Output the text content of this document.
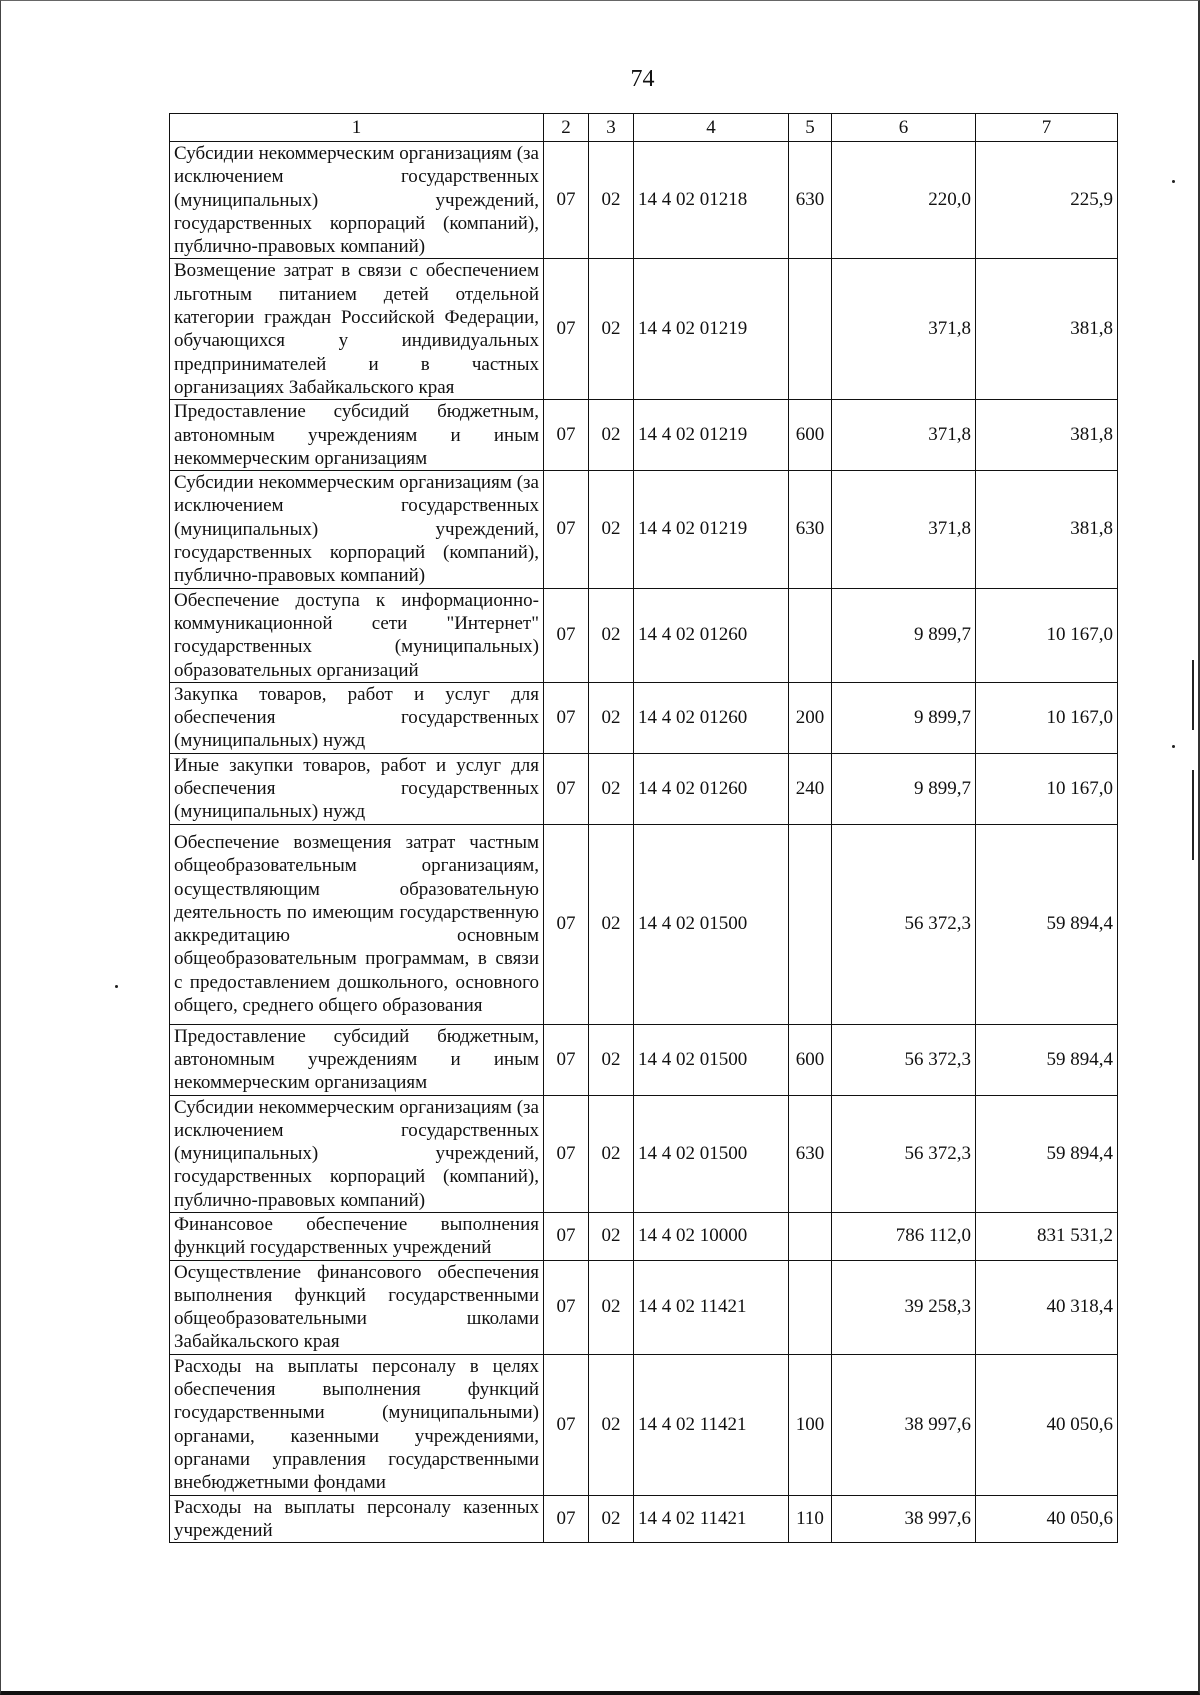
74
1	2	3	4	5	6	7
Субсидии некоммерческим организациям (за исключением государственных (муниципальных) учреждений, государственных корпораций (компаний), публично-правовых компаний)	07	02	14 4 02 01218	630	220,0	225,9
Возмещение затрат в связи с обеспечением льготным питанием детей отдельной категории граждан Российской Федерации, обучающихся у индивидуальных предпринимателей и в частных организациях Забайкальского края	07	02	14 4 02 01219		371,8	381,8
Предоставление субсидий бюджетным, автономным учреждениям и иным некоммерческим организациям	07	02	14 4 02 01219	600	371,8	381,8
Субсидии некоммерческим организациям (за исключением государственных (муниципальных) учреждений, государственных корпораций (компаний), публично-правовых компаний)	07	02	14 4 02 01219	630	371,8	381,8
Обеспечение доступа к информационно-коммуникационной сети "Интернет" государственных (муниципальных) образовательных организаций	07	02	14 4 02 01260		9 899,7	10 167,0
Закупка товаров, работ и услуг для обеспечения государственных (муниципальных) нужд	07	02	14 4 02 01260	200	9 899,7	10 167,0
Иные закупки товаров, работ и услуг для обеспечения государственных (муниципальных) нужд	07	02	14 4 02 01260	240	9 899,7	10 167,0
Обеспечение возмещения затрат частным общеобразовательным организациям, осуществляющим образовательную деятельность по имеющим государственную аккредитацию основным общеобразовательным программам, в связи с предоставлением дошкольного, основного общего, среднего общего образования	07	02	14 4 02 01500		56 372,3	59 894,4
Предоставление субсидий бюджетным, автономным учреждениям и иным некоммерческим организациям	07	02	14 4 02 01500	600	56 372,3	59 894,4
Субсидии некоммерческим организациям (за исключением государственных (муниципальных) учреждений, государственных корпораций (компаний), публично-правовых компаний)	07	02	14 4 02 01500	630	56 372,3	59 894,4
Финансовое обеспечение выполнения функций государственных учреждений	07	02	14 4 02 10000		786 112,0	831 531,2
Осуществление финансового обеспечения выполнения функций государственными общеобразовательными школами Забайкальского края	07	02	14 4 02 11421		39 258,3	40 318,4
Расходы на выплаты персоналу в целях обеспечения выполнения функций государственными (муниципальными) органами, казенными учреждениями, органами управления государственными внебюджетными фондами	07	02	14 4 02 11421	100	38 997,6	40 050,6
Расходы на выплаты персоналу казенных учреждений	07	02	14 4 02 11421	110	38 997,6	40 050,6
